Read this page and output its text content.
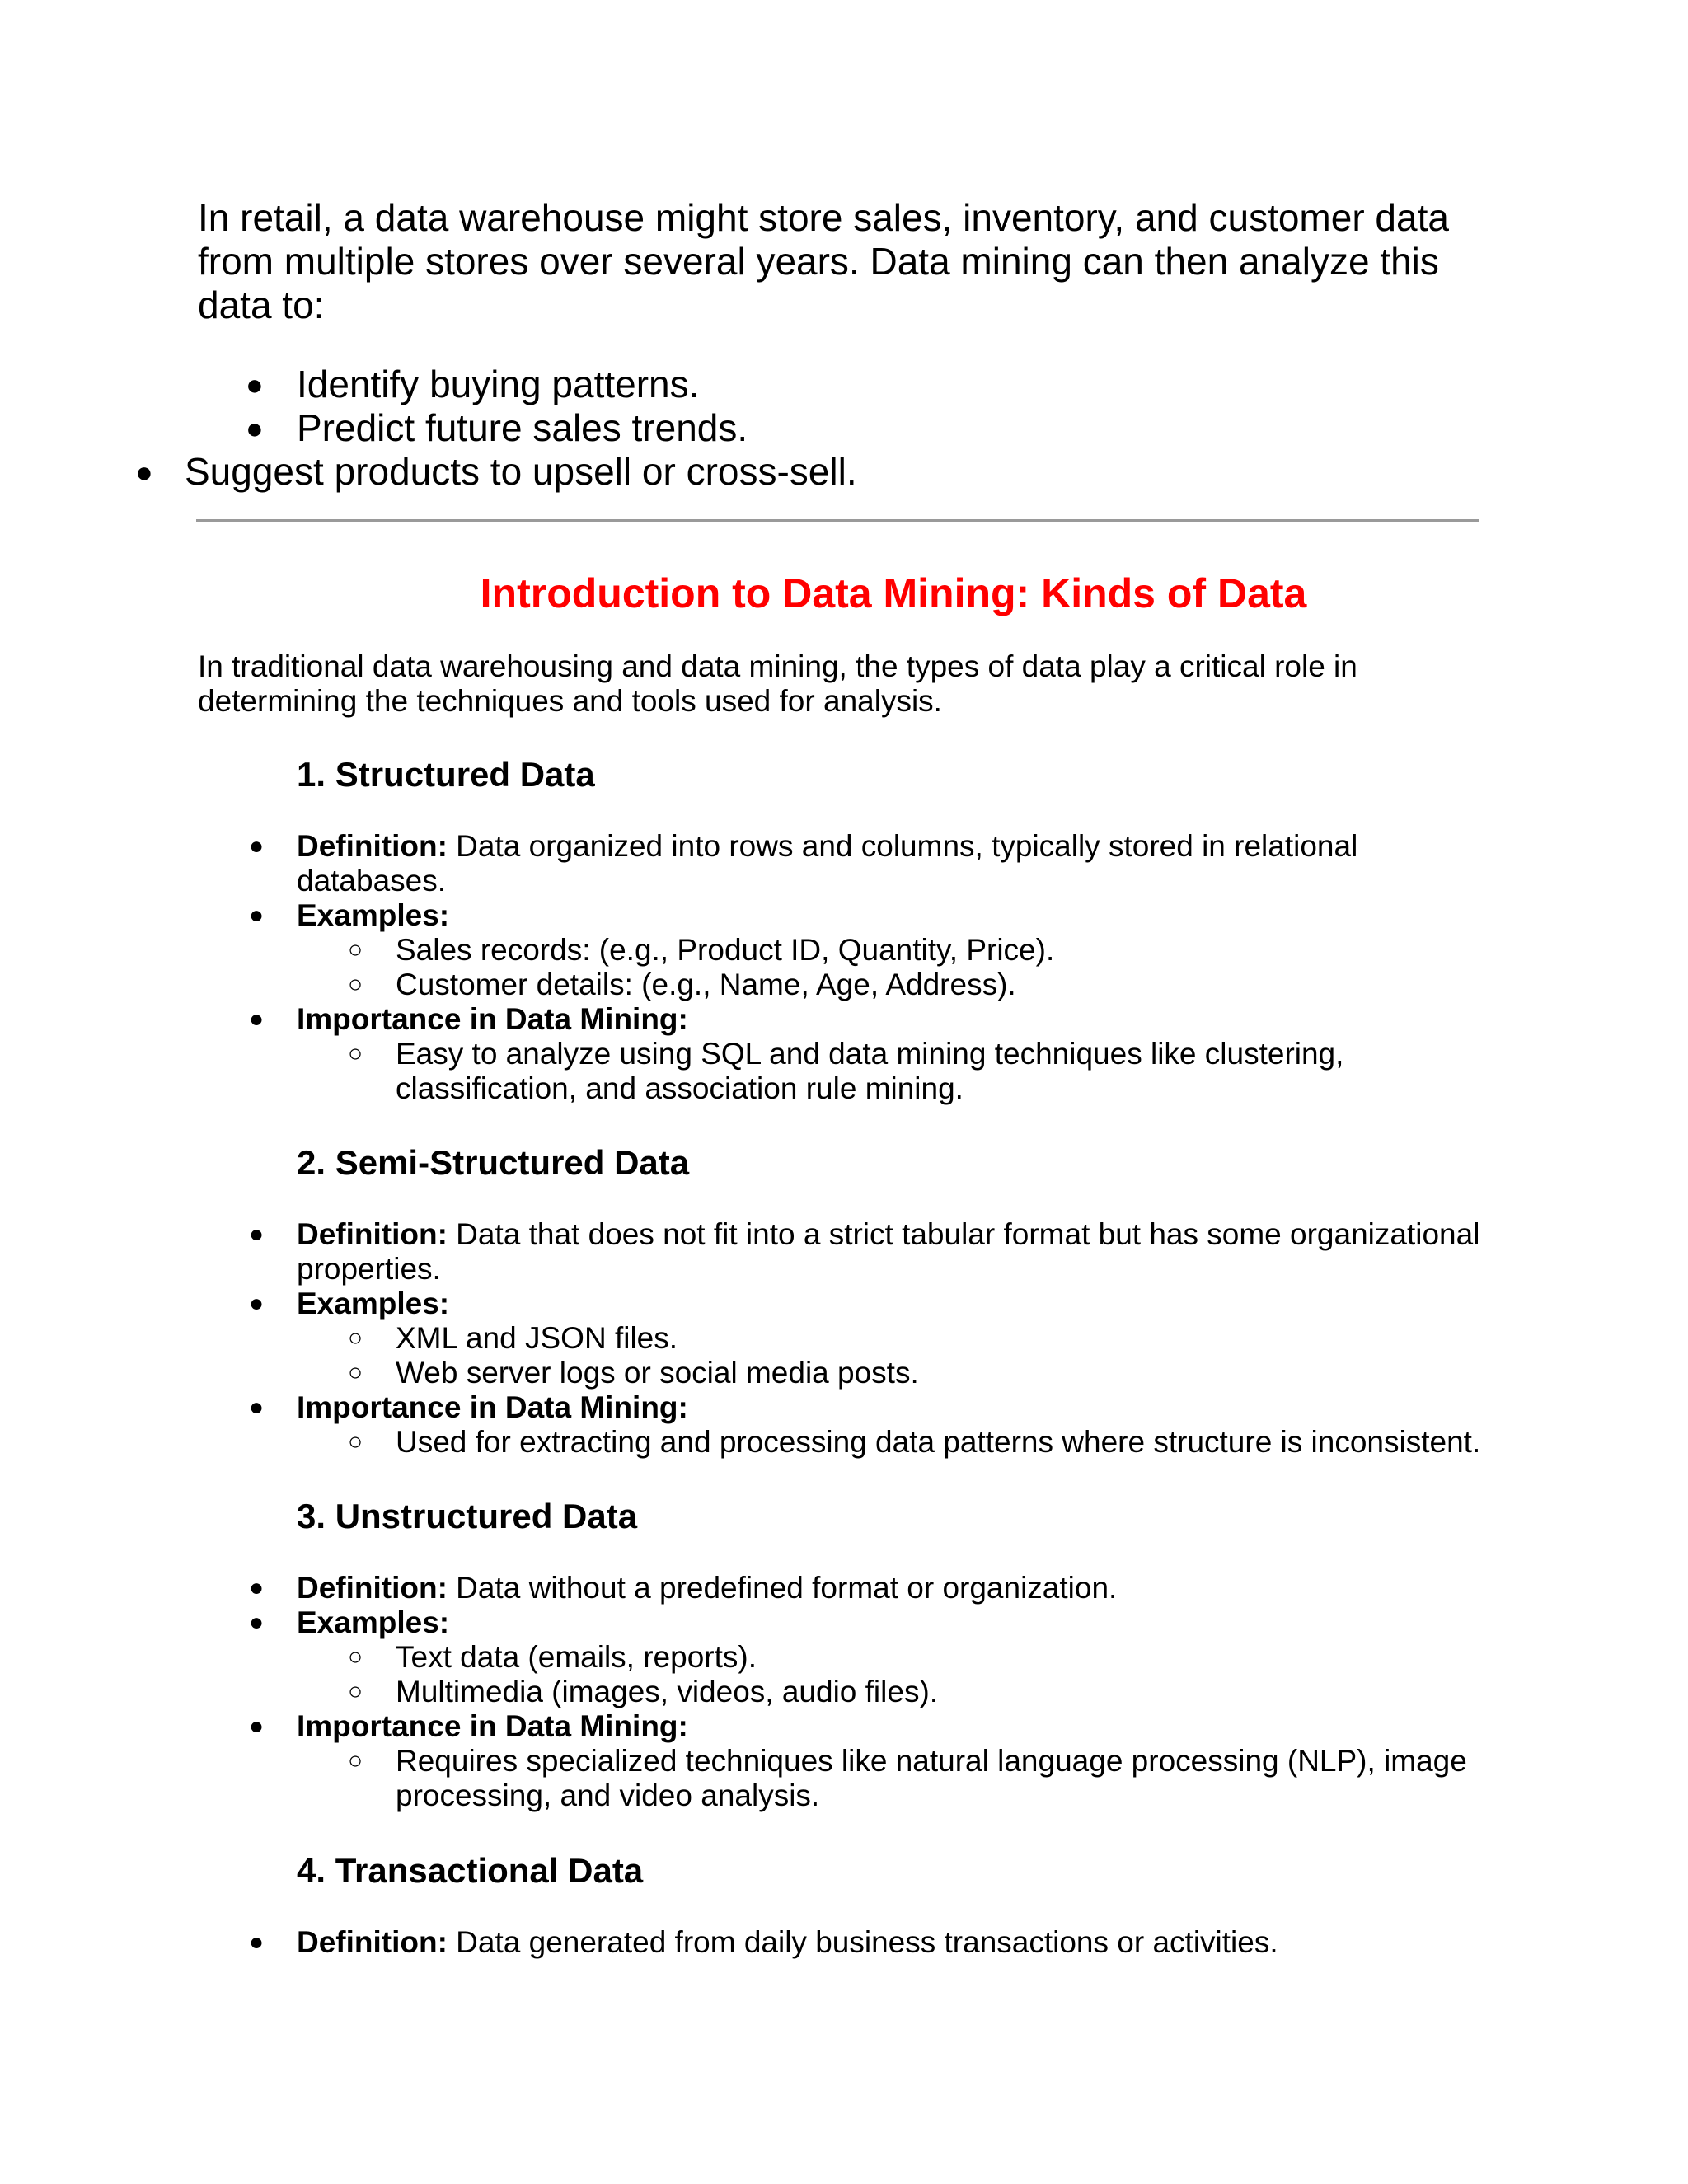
In retail, a data warehouse might store sales, inventory, and customer data from multiple stores over several years. Data mining can then analyze this data to:

● Identify buying patterns.
● Predict future sales trends.
● Suggest products to upsell or cross-sell.
Introduction to Data Mining: Kinds of Data

In traditional data warehousing and data mining, the types of data play a critical role in determining the techniques and tools used for analysis.

1. Structured Data
● Definition: Data organized into rows and columns, typically stored in relational databases.
● Examples:
○ Sales records: (e.g., Product ID, Quantity, Price).
○ Customer details: (e.g., Name, Age, Address).
● Importance in Data Mining:
○ Easy to analyze using SQL and data mining techniques like clustering, classification, and association rule mining.
2. Semi-Structured Data
● Definition: Data that does not fit into a strict tabular format but has some organizational properties.
● Examples:
○ XML and JSON files.
○ Web server logs or social media posts.
● Importance in Data Mining:
○ Used for extracting and processing data patterns where structure is inconsistent.
3. Unstructured Data
● Definition: Data without a predefined format or organization.
● Examples:
○ Text data (emails, reports).
○ Multimedia (images, videos, audio files).
● Importance in Data Mining:
○ Requires specialized techniques like natural language processing (NLP), image processing, and video analysis.
4. Transactional Data
● Definition: Data generated from daily business transactions or activities.
